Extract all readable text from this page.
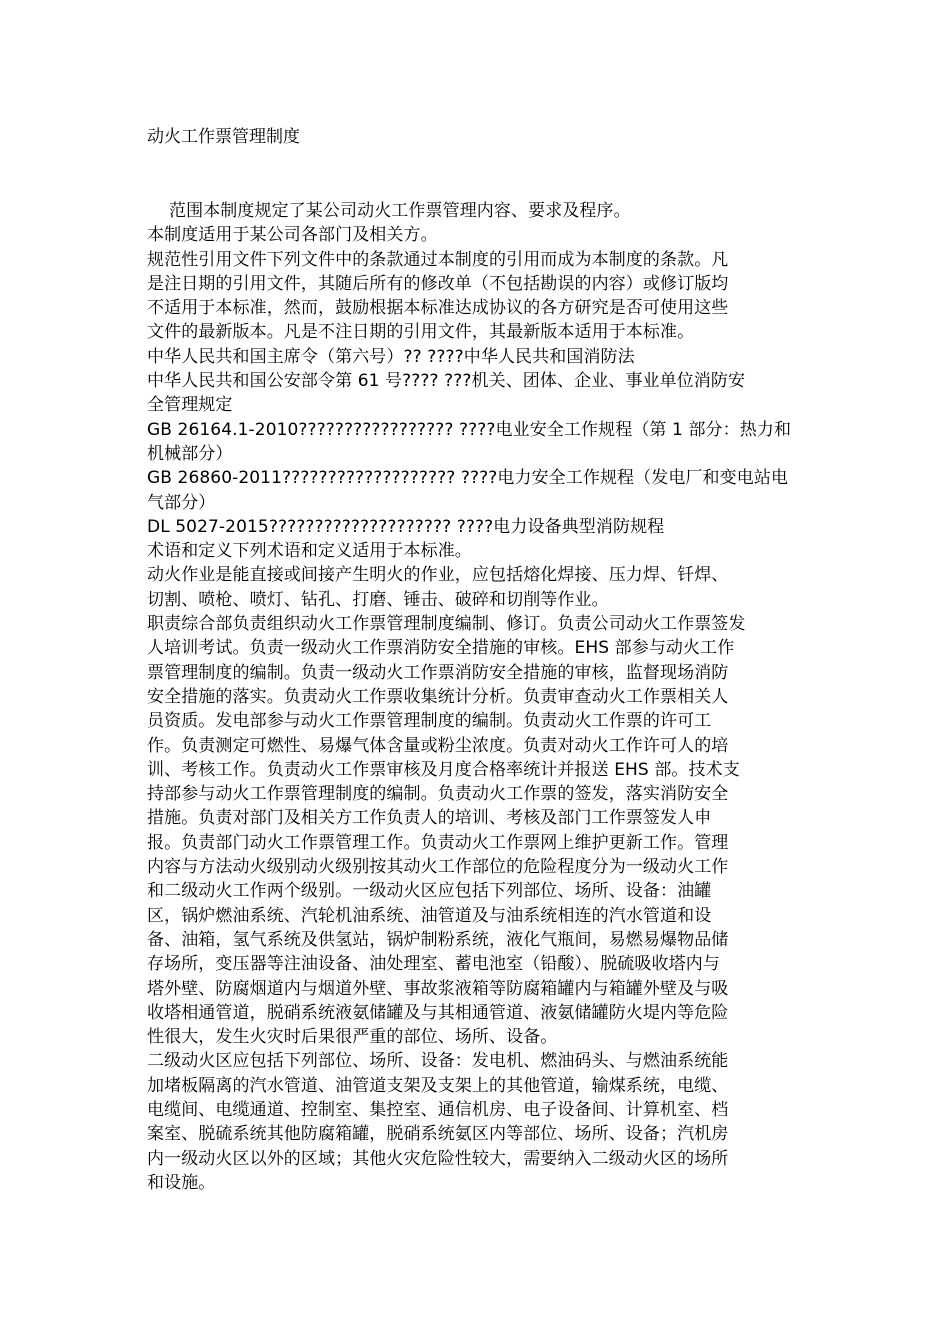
动火工作票管理制度
范围本制度规定了某公司动火工作票管理内容、要求及程序。
本制度适用于某公司各部门及相关方。
规范性引用文件下列文件中的条款通过本制度的引用而成为本制度的条款。凡
是注日期的引用文件，其随后所有的修改单（不包括勘误的内容）或修订版均
不适用于本标准，然而，鼓励根据本标准达成协议的各方研究是否可使用这些
文件的最新版本。凡是不注日期的引用文件，其最新版本适用于本标准。
中华人民共和国主席令（第六号）?? ????中华人民共和国消防法
中华人民共和国公安部令第 61 号???? ???机关、团体、企业、事业单位消防安
全管理规定
GB 26164.1-2010????????????????? ????电业安全工作规程（第 1 部分：热力和
机械部分）
GB 26860-2011??????????????????? ????电力安全工作规程（发电厂和变电站电
气部分）
DL 5027-2015???????????????????? ????电力设备典型消防规程
术语和定义下列术语和定义适用于本标准。
动火作业是能直接或间接产生明火的作业，应包括熔化焊接、压力焊、钎焊、
切割、喷枪、喷灯、钻孔、打磨、锤击、破碎和切削等作业。
职责综合部负责组织动火工作票管理制度编制、修订。负责公司动火工作票签发
人培训考试。负责一级动火工作票消防安全措施的审核。EHS 部参与动火工作
票管理制度的编制。负责一级动火工作票消防安全措施的审核，监督现场消防
安全措施的落实。负责动火工作票收集统计分析。负责审查动火工作票相关人
员资质。发电部参与动火工作票管理制度的编制。负责动火工作票的许可工
作。负责测定可燃性、易爆气体含量或粉尘浓度。负责对动火工作许可人的培
训、考核工作。负责动火工作票审核及月度合格率统计并报送 EHS 部。技术支
持部参与动火工作票管理制度的编制。负责动火工作票的签发，落实消防安全
措施。负责对部门及相关方工作负责人的培训、考核及部门工作票签发人申
报。负责部门动火工作票管理工作。负责动火工作票网上维护更新工作。管理
内容与方法动火级别动火级别按其动火工作部位的危险程度分为一级动火工作
和二级动火工作两个级别。一级动火区应包括下列部位、场所、设备：油罐
区，锅炉燃油系统、汽轮机油系统、油管道及与油系统相连的汽水管道和设
备、油箱，氢气系统及供氢站，锅炉制粉系统，液化气瓶间，易燃易爆物品储
存场所，变压器等注油设备、油处理室、蓄电池室（铅酸）、脱硫吸收塔内与
塔外壁、防腐烟道内与烟道外壁、事故浆液箱等防腐箱罐内与箱罐外壁及与吸
收塔相通管道，脱硝系统液氨储罐及与其相通管道、液氨储罐防火堤内等危险
性很大，发生火灾时后果很严重的部位、场所、设备。
二级动火区应包括下列部位、场所、设备：发电机、燃油码头、与燃油系统能
加堵板隔离的汽水管道、油管道支架及支架上的其他管道，输煤系统，电缆、
电缆间、电缆通道、控制室、集控室、通信机房、电子设备间、计算机室、档
案室、脱硫系统其他防腐箱罐，脱硝系统氨区内等部位、场所、设备；汽机房
内一级动火区以外的区域；其他火灾危险性较大，需要纳入二级动火区的场所
和设施。
